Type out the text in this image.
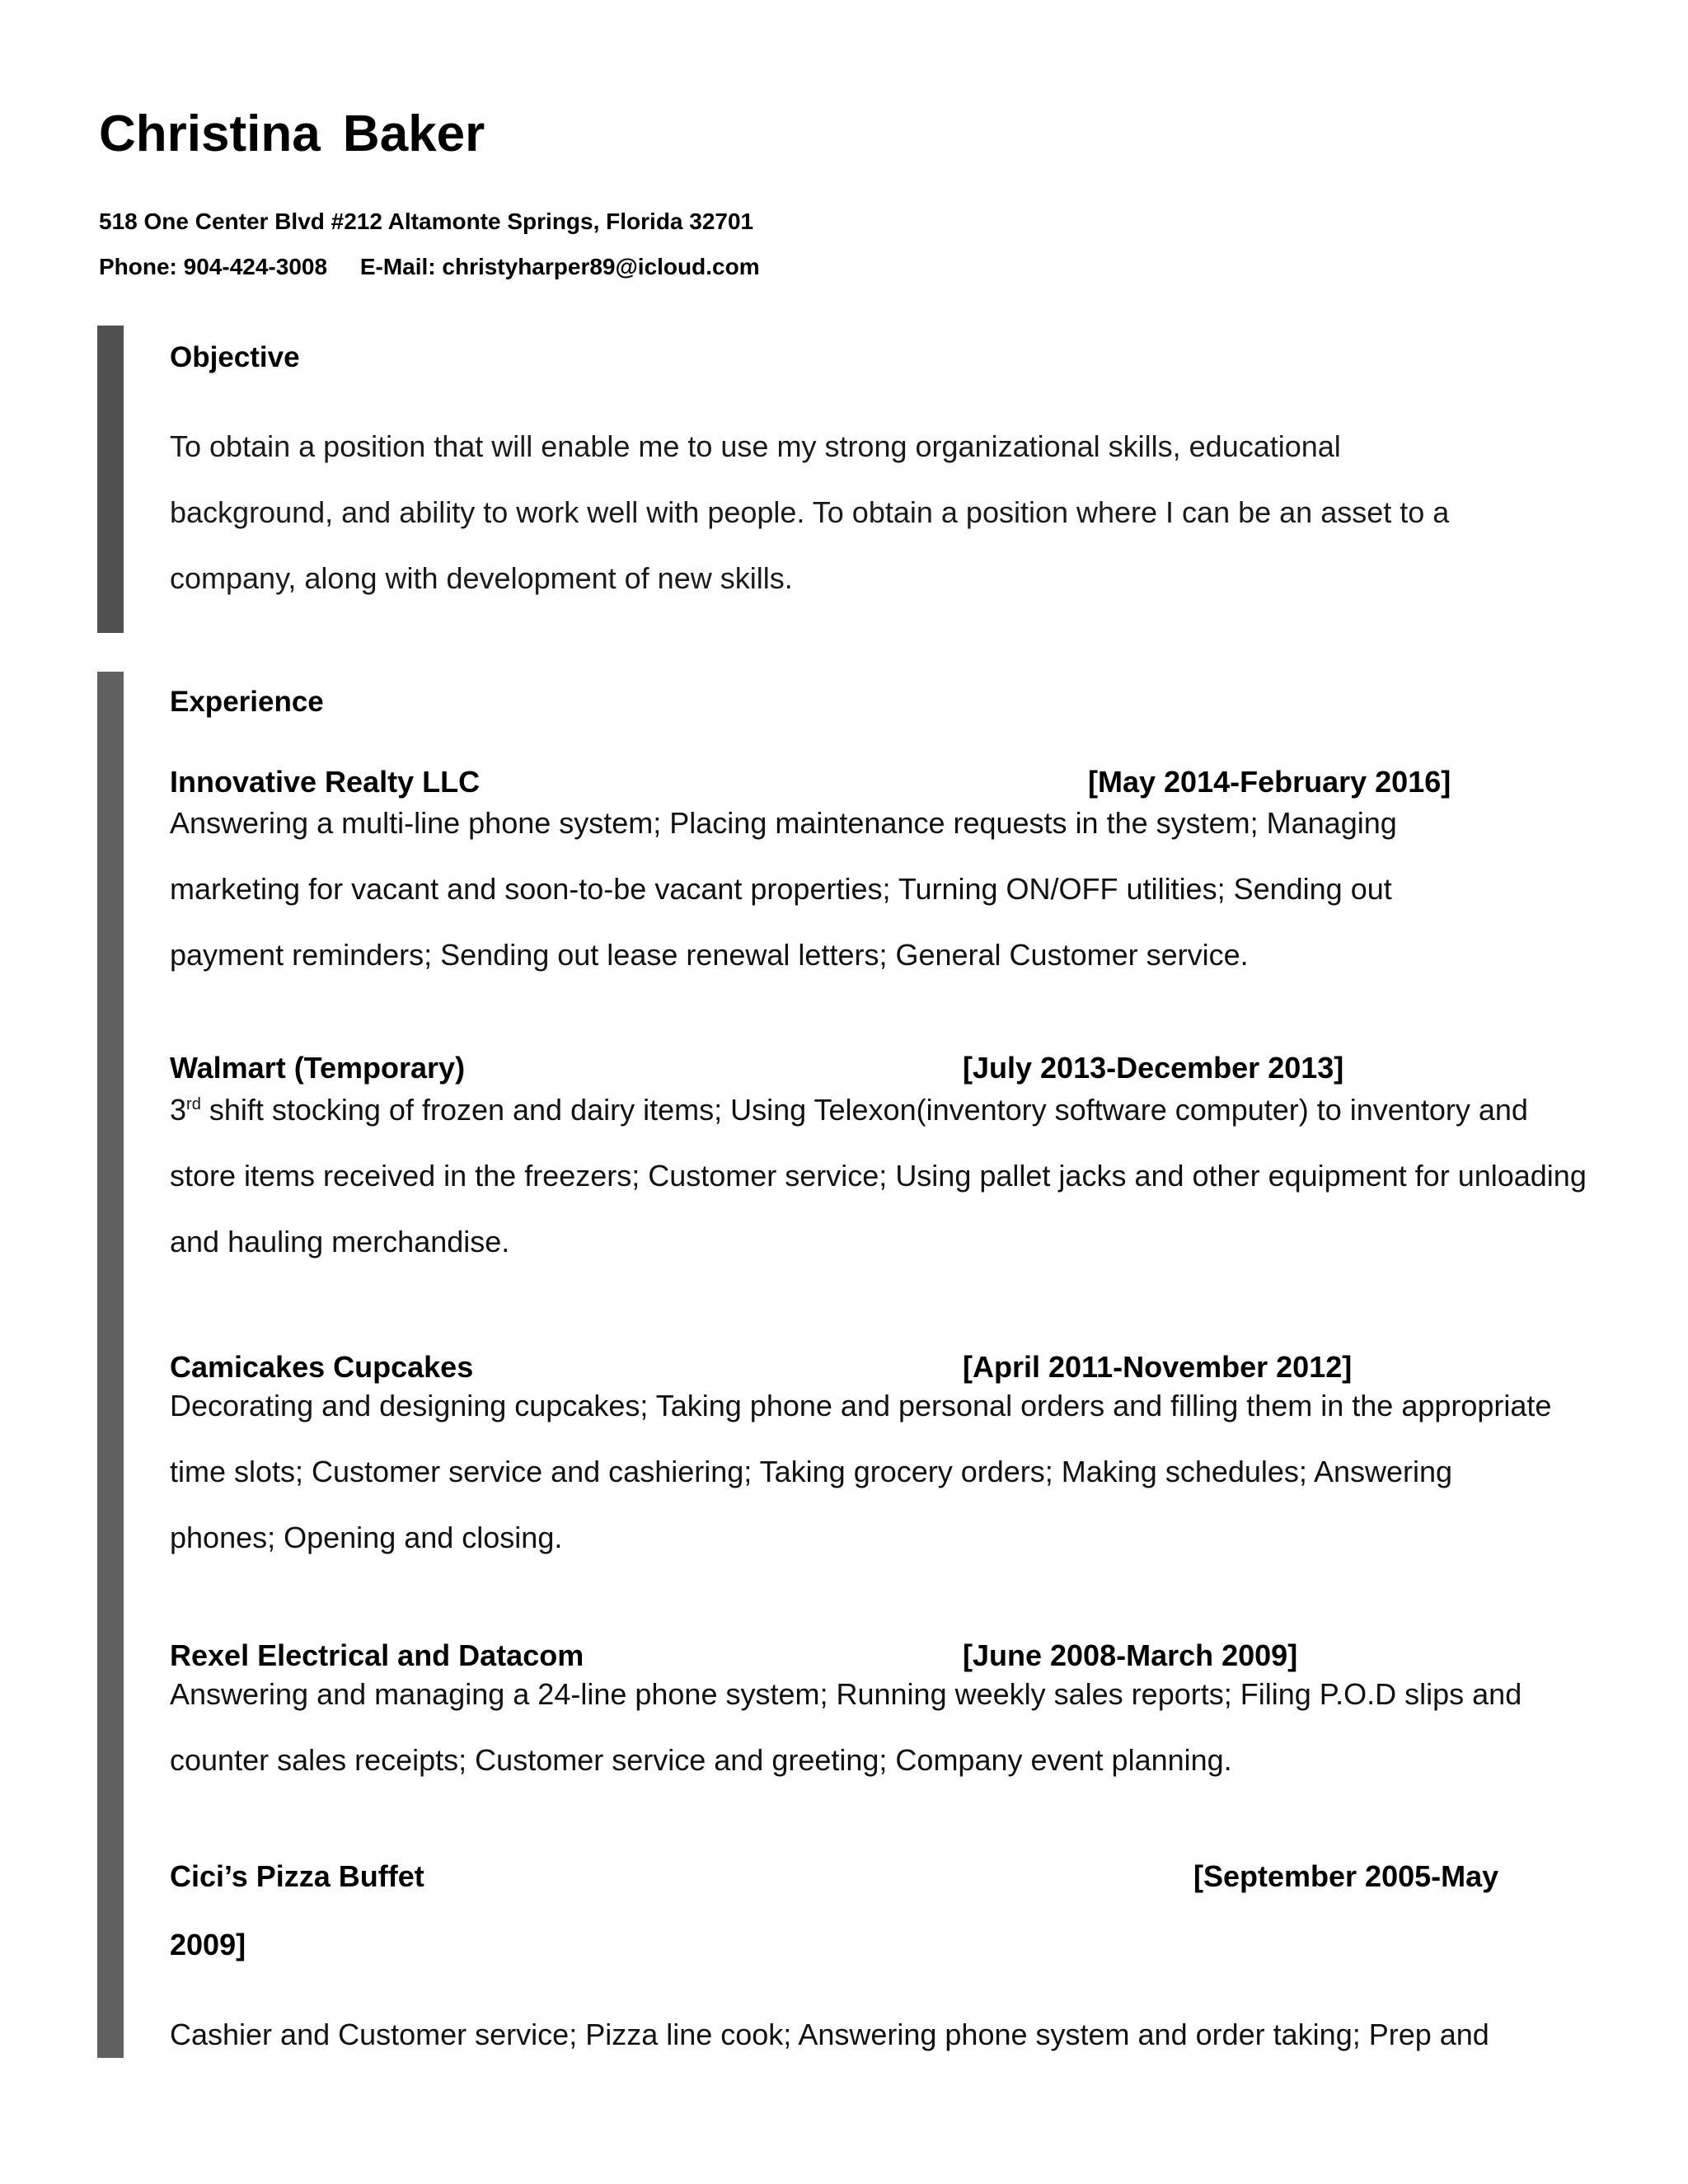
Christina Baker
518 One Center Blvd #212 Altamonte Springs, Florida 32701
Phone: 904-424-3008 E-Mail: christyharper89@icloud.com
Objective

To obtain a position that will enable me to use my strong organizational skills, educational background, and ability to work well with people. To obtain a position where I can be an asset to a company, along with development of new skills.

Experience
Innovative Realty LLC	[May 2014-February 2016]

Answering a multi-line phone system; Placing maintenance requests in the system; Managing marketing for vacant and soon-to-be vacant properties; Turning ON/OFF utilities; Sending out payment reminders; Sending out lease renewal letters; General Customer service.

Walmart (Temporary)	[July 2013-December 2013]

3rd shift stocking of frozen and dairy items; Using Telexon(inventory software computer) to inventory and store items received in the freezers; Customer service; Using pallet jacks and other equipment for unloading and hauling merchandise.

Camicakes Cupcakes	[April 2011-November 2012]

Decorating and designing cupcakes; Taking phone and personal orders and filling them in the appropriate time slots; Customer service and cashiering; Taking grocery orders; Making schedules; Answering phones; Opening and closing.

Rexel Electrical and Datacom	[June 2008-March 2009]

Answering and managing a 24-line phone system; Running weekly sales reports; Filing P.O.D slips and counter sales receipts; Customer service and greeting; Company event planning.

Cici’s Pizza Buffet	[September 2005-May
2009]

Cashier and Customer service; Pizza line cook; Answering phone system and order taking; Prep and
